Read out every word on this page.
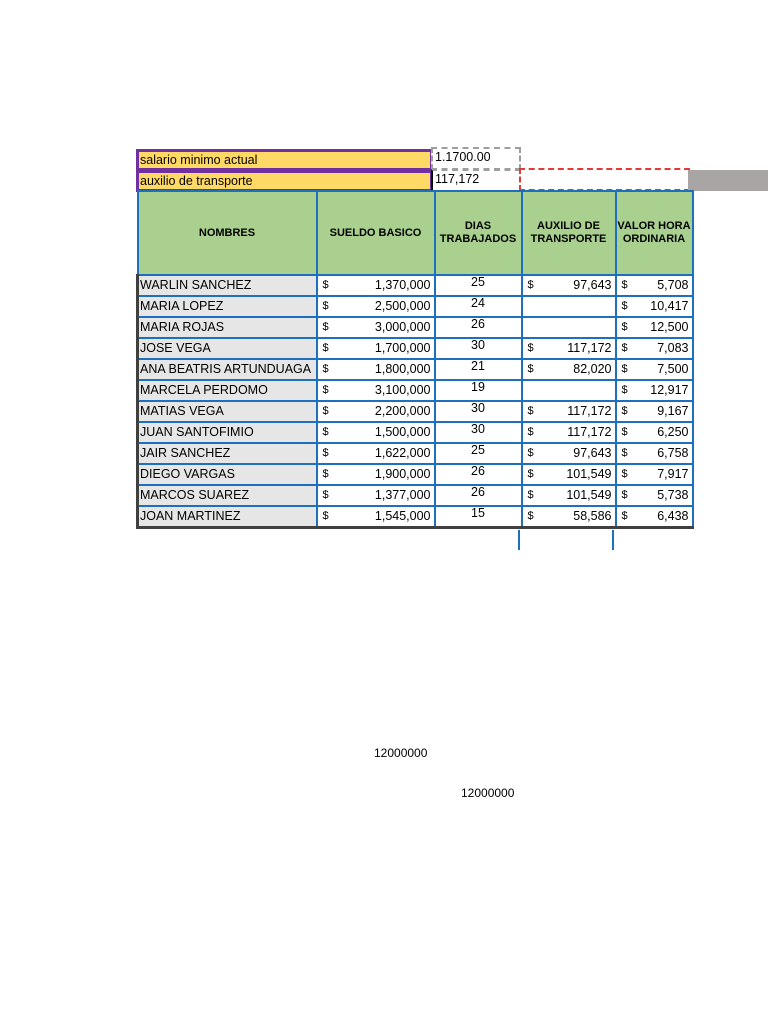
salario minimo actual	1.1700.00
auxilio de transporte	117,172
NOMBRES	SUELDO BASICO	DIAS TRABAJADOS	AUXILIO DE TRANSPORTE	VALOR HORA ORDINARIA
WARLIN SANCHEZ	$ 1,370,000	25	$ 97,643	$ 5,708

MARIA LOPEZ	$ 2,500,000	24		$ 10,417

MARIA ROJAS	$ 3,000,000	26		$ 12,500

JOSE VEGA	$ 1,700,000	30	$ 117,172	$ 7,083

ANA BEATRIS ARTUNDUAGA	$ 1,800,000	21	$ 82,020	$ 7,500

MARCELA PERDOMO	$ 3,100,000	19		$ 12,917

MATIAS VEGA	$ 2,200,000	30	$ 117,172	$ 9,167

JUAN SANTOFIMIO	$ 1,500,000	30	$ 117,172	$ 6,250

JAIR SANCHEZ	$ 1,622,000	25	$ 97,643	$ 6,758

DIEGO VARGAS	$ 1,900,000	26	$ 101,549	$ 7,917

MARCOS SUAREZ	$ 1,377,000	26	$ 101,549	$ 5,738

JOAN MARTINEZ	$ 1,545,000	15	$ 58,586	$ 6,438
12000000
12000000
